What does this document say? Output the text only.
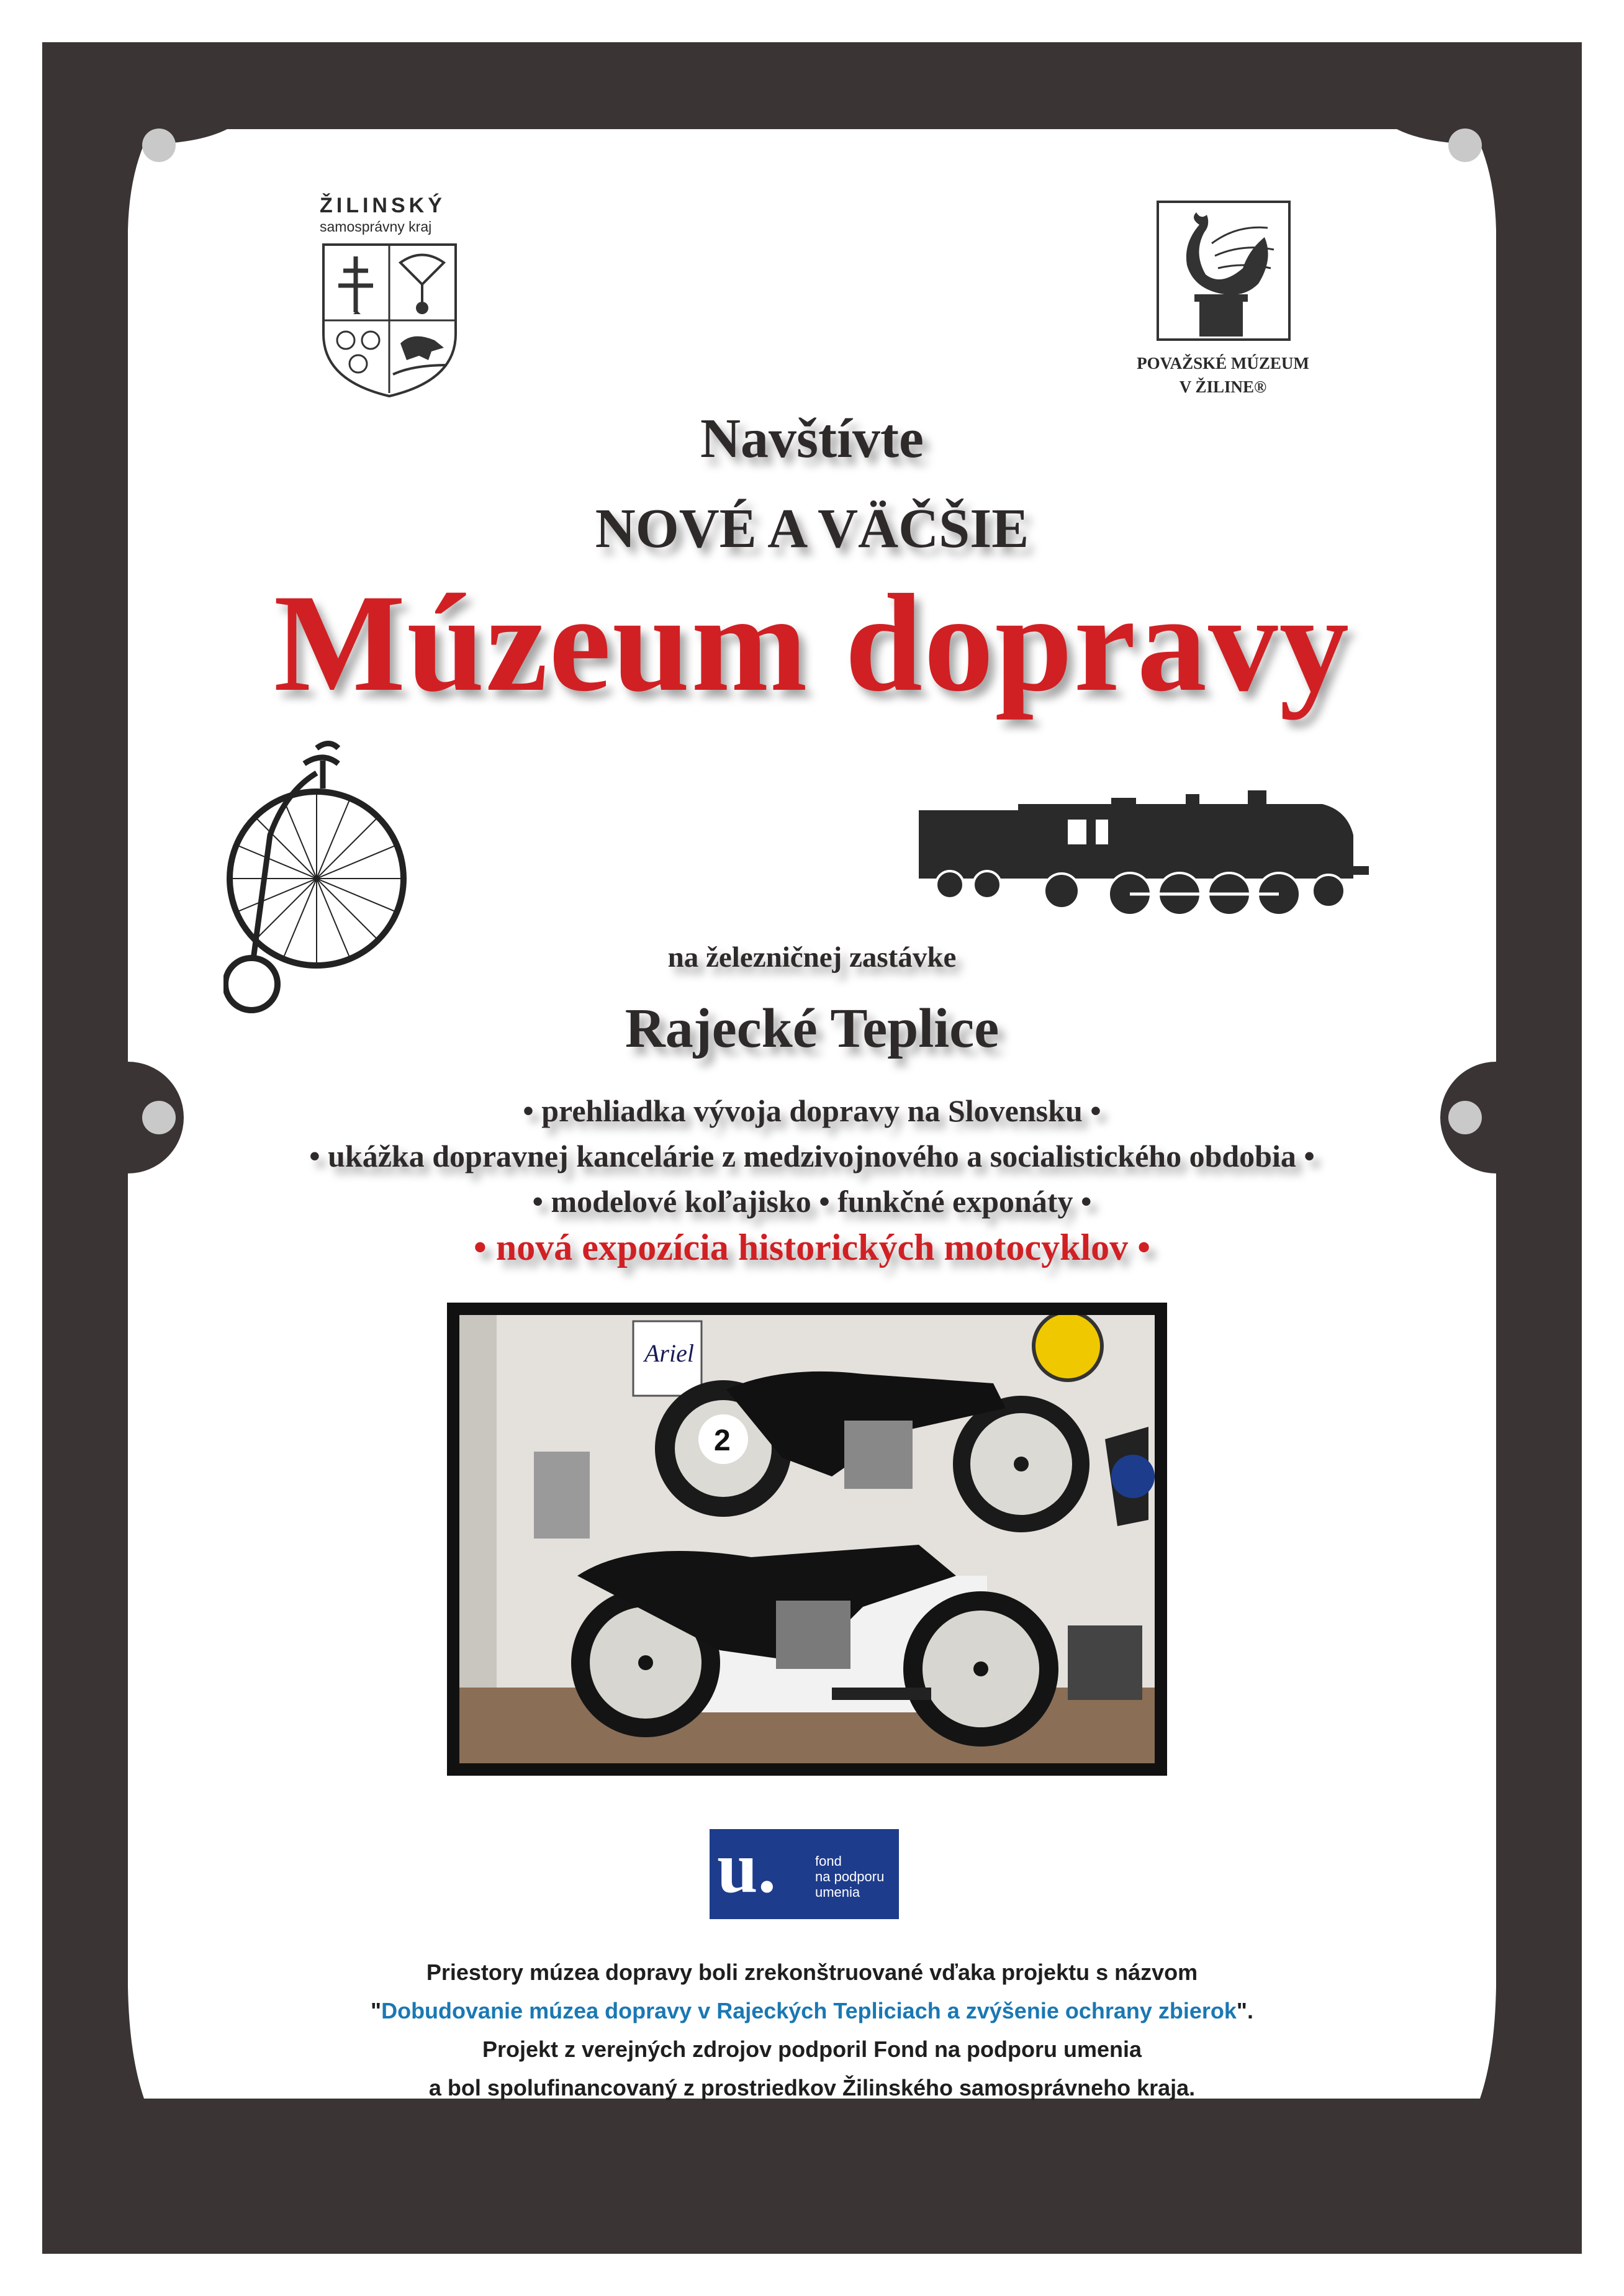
ŽILINSKÝ
samosprávny kraj
POVAŽSKÉ MÚZEUM
V ŽILINE®
Navštívte
NOVÉ A VÄČŠIE
Múzeum dopravy
na železničnej zastávke
Rajecké Teplice
• prehliadka vývoja dopravy na Slovensku •
• ukážka dopravnej kancelárie z medzivojnového a socialistického obdobia •
• modelové koľajisko • funkčné exponáty •
• nová expozícia historických motocyklov •
Ariel
2
u.	fond
na podporu
umenia
Priestory múzea dopravy boli zrekonštruované vďaka projektu s názvom
"Dobudovanie múzea dopravy v Rajeckých Tepliciach a zvýšenie ochrany zbierok".
Projekt z verejných zdrojov podporil Fond na podporu umenia
a bol spolufinancovaný z prostriedkov Žilinského samosprávneho kraja.
